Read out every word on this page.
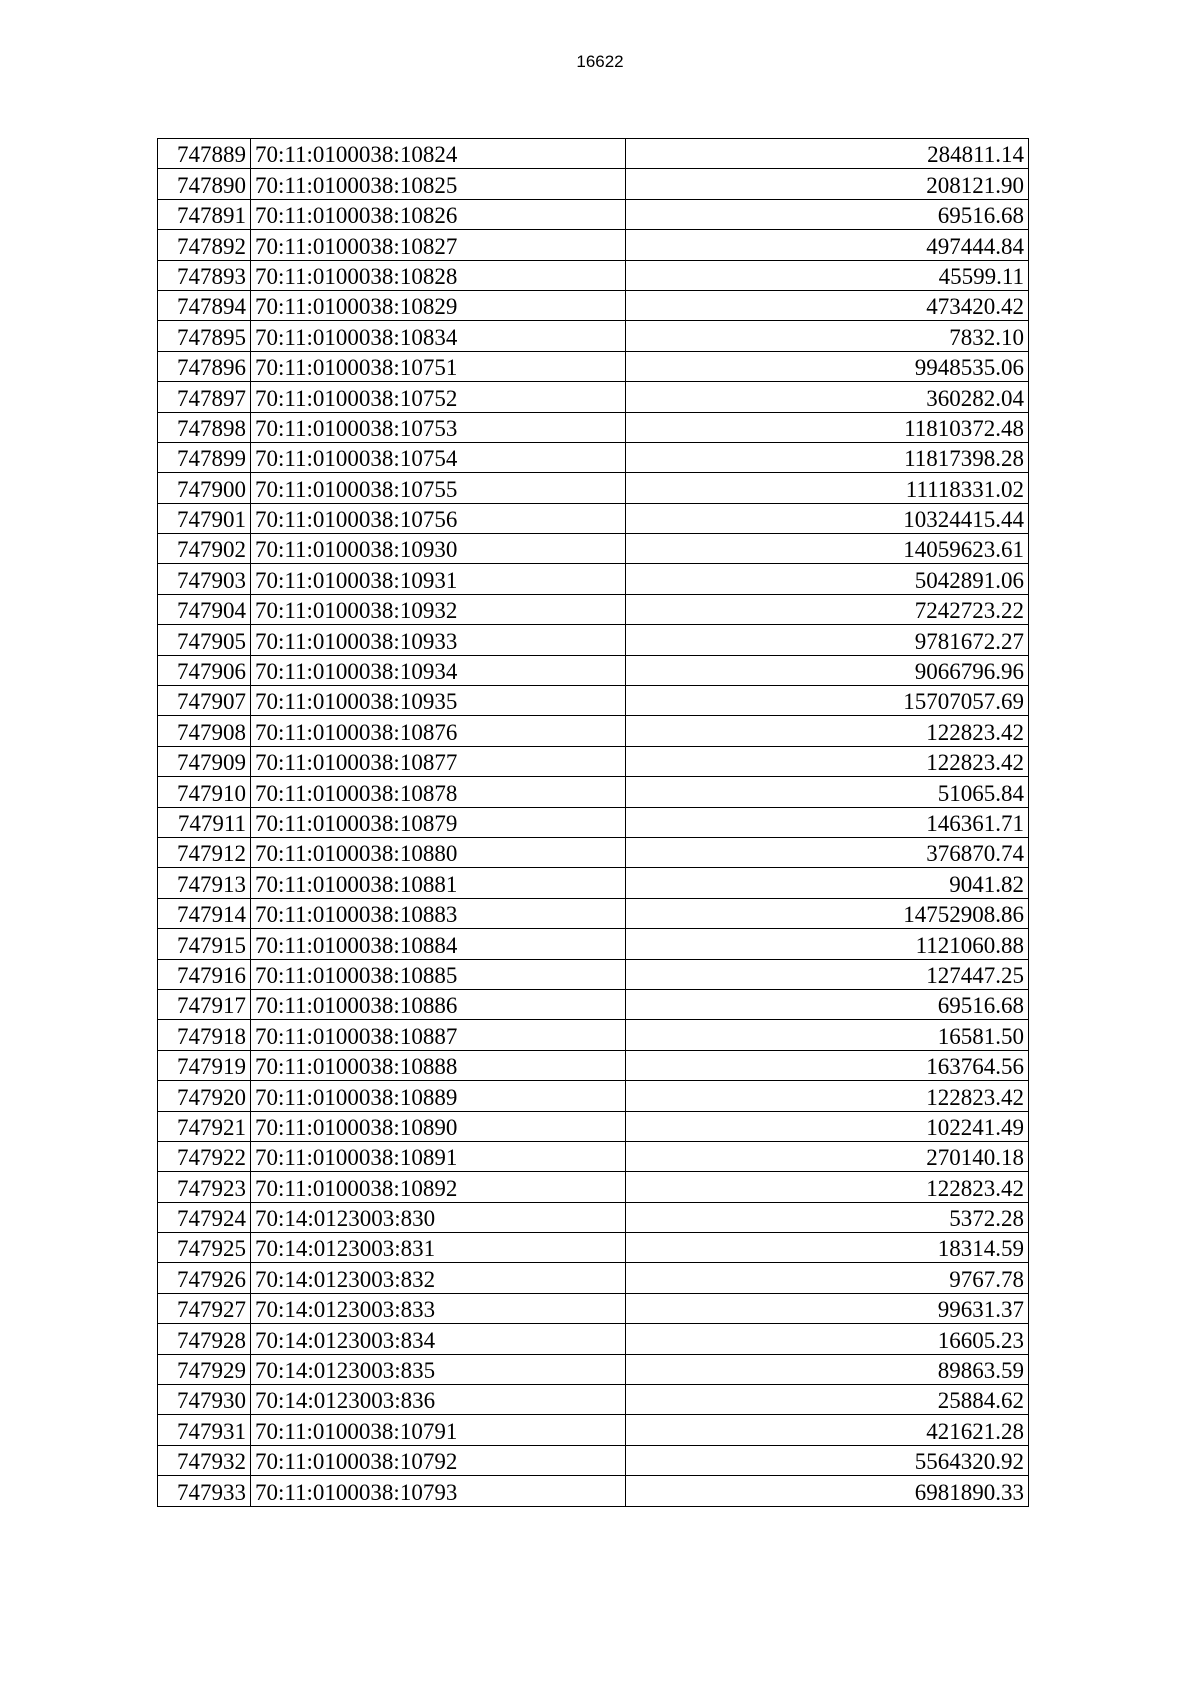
16622
747889	70:11:0100038:10824	284811.14
747890	70:11:0100038:10825	208121.90
747891	70:11:0100038:10826	69516.68
747892	70:11:0100038:10827	497444.84
747893	70:11:0100038:10828	45599.11
747894	70:11:0100038:10829	473420.42
747895	70:11:0100038:10834	7832.10
747896	70:11:0100038:10751	9948535.06
747897	70:11:0100038:10752	360282.04
747898	70:11:0100038:10753	11810372.48
747899	70:11:0100038:10754	11817398.28
747900	70:11:0100038:10755	11118331.02
747901	70:11:0100038:10756	10324415.44
747902	70:11:0100038:10930	14059623.61
747903	70:11:0100038:10931	5042891.06
747904	70:11:0100038:10932	7242723.22
747905	70:11:0100038:10933	9781672.27
747906	70:11:0100038:10934	9066796.96
747907	70:11:0100038:10935	15707057.69
747908	70:11:0100038:10876	122823.42
747909	70:11:0100038:10877	122823.42
747910	70:11:0100038:10878	51065.84
747911	70:11:0100038:10879	146361.71
747912	70:11:0100038:10880	376870.74
747913	70:11:0100038:10881	9041.82
747914	70:11:0100038:10883	14752908.86
747915	70:11:0100038:10884	1121060.88
747916	70:11:0100038:10885	127447.25
747917	70:11:0100038:10886	69516.68
747918	70:11:0100038:10887	16581.50
747919	70:11:0100038:10888	163764.56
747920	70:11:0100038:10889	122823.42
747921	70:11:0100038:10890	102241.49
747922	70:11:0100038:10891	270140.18
747923	70:11:0100038:10892	122823.42
747924	70:14:0123003:830	5372.28
747925	70:14:0123003:831	18314.59
747926	70:14:0123003:832	9767.78
747927	70:14:0123003:833	99631.37
747928	70:14:0123003:834	16605.23
747929	70:14:0123003:835	89863.59
747930	70:14:0123003:836	25884.62
747931	70:11:0100038:10791	421621.28
747932	70:11:0100038:10792	5564320.92
747933	70:11:0100038:10793	6981890.33
